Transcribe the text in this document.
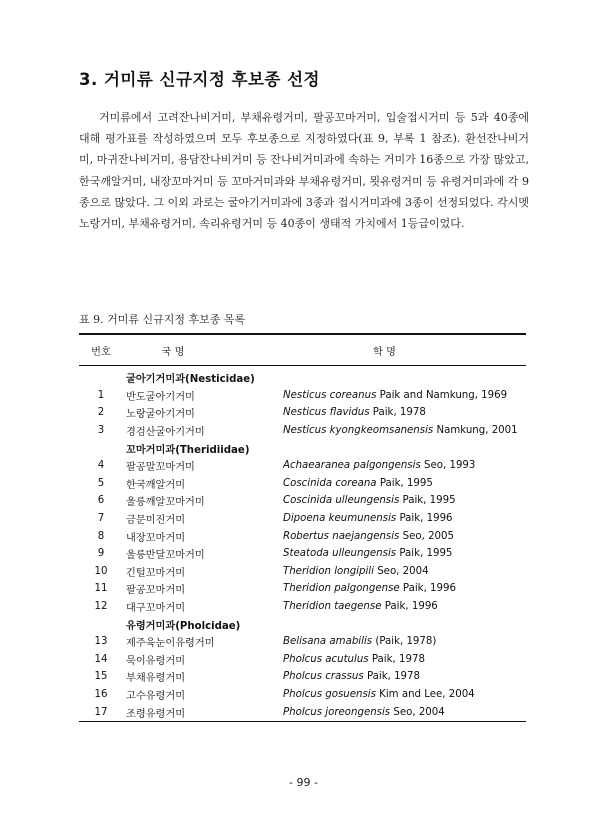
3. 거미류 신규지정 후보종 선정

거미류에서 고려잔나비거미, 부채유령거미, 팔공꼬마거미, 입술접시거미 등 5과 40종에 대해 평가표를 작성하였으며 모두 후보종으로 지정하였다(표 9, 부록 1 참조). 환선잔나비거미, 마귀잔나비거미, 용담잔나비거미 등 잔나비거미과에 속하는 거미가 16종으로 가장 많았고, 한국깨알거미, 내장꼬마거미 등 꼬마거미과와 부채유령거미, 묏유령거미 등 유령거미과에 각 9종으로 많았다. 그 이외 과로는 굴아기거미과에 3종과 접시거미과에 3종이 선정되었다. 각시멧노랑거미, 부채유령거미, 속리유령거미 등 40종이 생태적 가치에서 1등급이었다.

표 9. 거미류 신규지정 후보종 목록

번호	국 명	학 명

	굴아기거미과(Nesticidae)	
1	반도굴아기거미	Nesticus coreanus Paik and Namkung, 1969
2	노랑굴아기거미	Nesticus flavidus Paik, 1978
3	경검산굴아기거미	Nesticus kyongkeomsanensis Namkung, 2001
	꼬마거미과(Theridiidae)	
4	팔공말꼬마거미	Achaearanea palgongensis Seo, 1993
5	한국깨알거미	Coscinida coreana Paik, 1995
6	울릉깨알꼬마거미	Coscinida ulleungensis Paik, 1995
7	금문미진거미	Dipoena keumunensis Paik, 1996
8	내장꼬마거미	Robertus naejangensis Seo, 2005
9	울릉반달꼬마거미	Steatoda ulleungensis Paik, 1995
10	긴털꼬마거미	Theridion longipili Seo, 2004
11	팔공꼬마거미	Theridion palgongense Paik, 1996
12	대구꼬마거미	Theridion taegense Paik, 1996
	유령거미과(Pholcidae)	
13	제주육눈이유령거미	Belisana amabilis (Paik, 1978)
14	묵이유령거미	Pholcus acutulus Paik, 1978
15	부채유령거미	Pholcus crassus Paik, 1978
16	고수유령거미	Pholcus gosuensis Kim and Lee, 2004
17	조령유령거미	Pholcus joreongensis Seo, 2004

- 99 -
